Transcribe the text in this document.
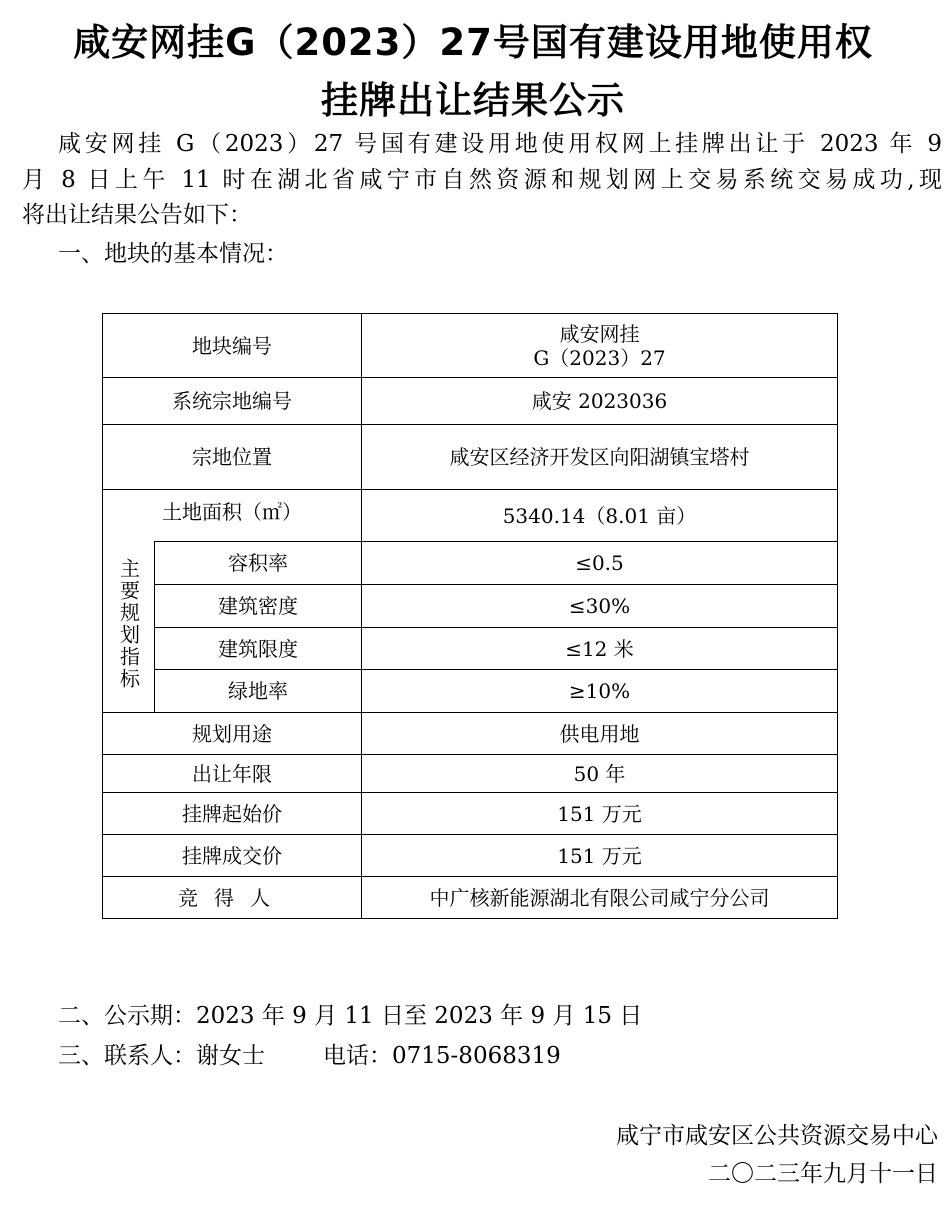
咸安网挂G（2023）27号国有建设用地使用权
挂牌出让结果公示
咸安网挂 G（2023）27 号国有建设用地使用权网上挂牌出让于 2023 年 9
月 8 日上午 11 时在湖北省咸宁市自然资源和规划网上交易系统交易成功,现
将出让结果公告如下：
一、地块的基本情况：
地块编号		咸安网挂
G（2023）27

系统宗地编号		咸安 2023036
宗地位置		咸安区经济开发区向阳湖镇宝塔村
土地面积（㎡）		5340.14（8.01 亩）
主要规划指标	容积率	≤0.5
	建筑密度	≤30%
	建筑限度	≤12 米
	绿地率	≥10%
规划用途		供电用地
出让年限		50 年
挂牌起始价		151 万元
挂牌成交价		151 万元
竞得人		中广核新能源湖北有限公司咸宁分公司
二、公示期：2023 年 9 月 11 日至 2023 年 9 月 15 日
三、联系人：谢女士	电话：0715-8068319
咸宁市咸安区公共资源交易中心
二〇二三年九月十一日
